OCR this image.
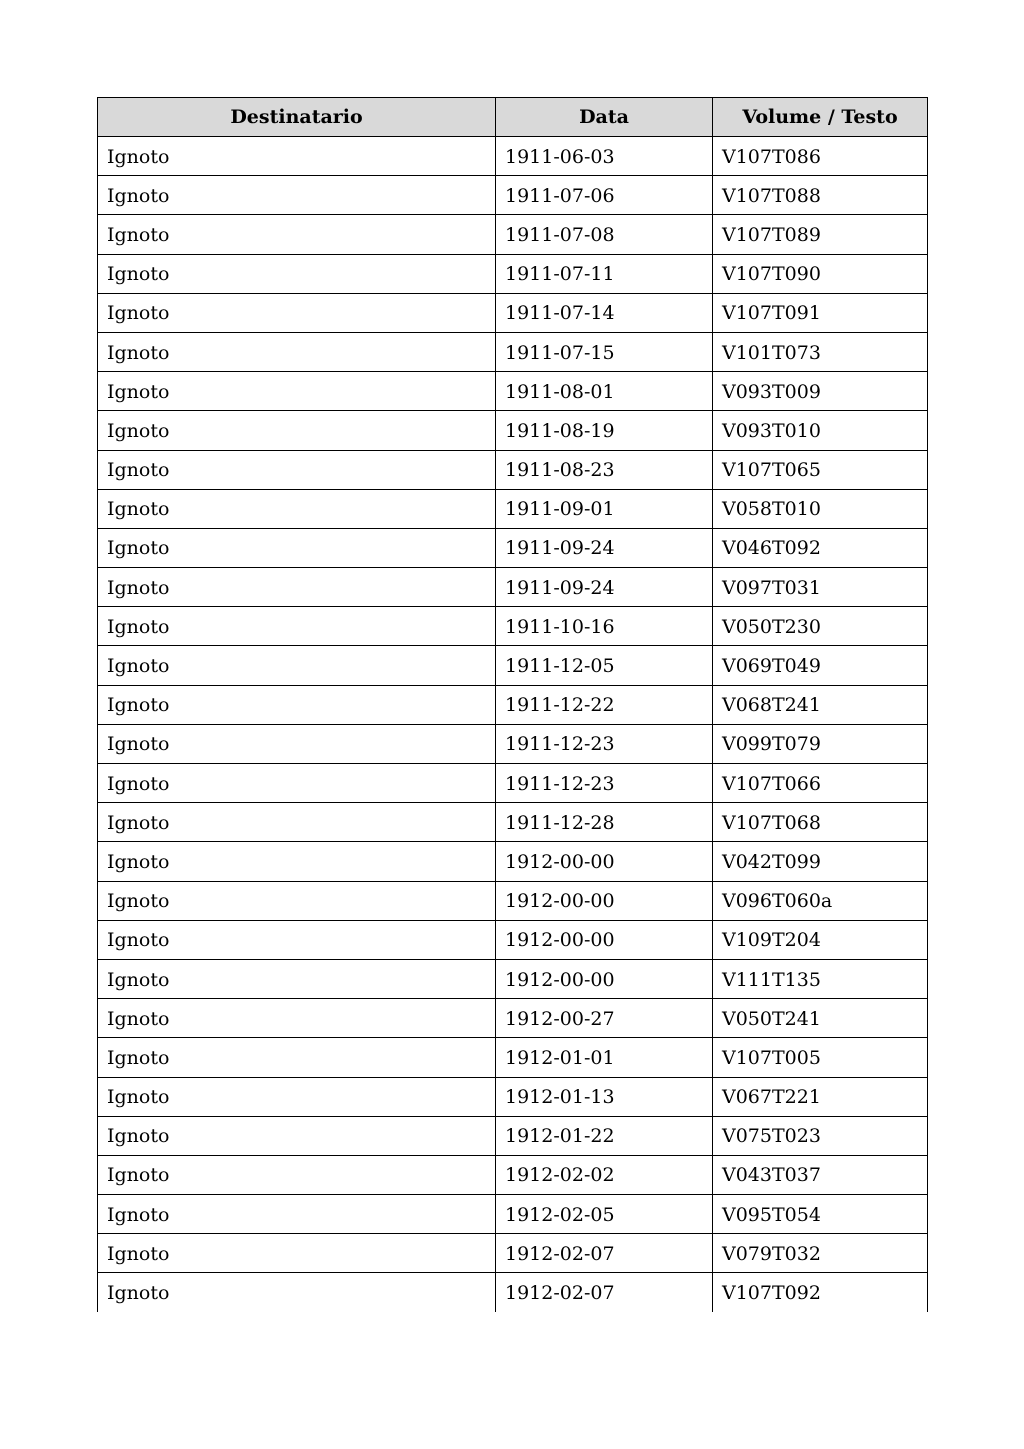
Destinatario	Data	Volume / Testo
Ignoto	1911-06-03	V107T086
Ignoto	1911-07-06	V107T088
Ignoto	1911-07-08	V107T089
Ignoto	1911-07-11	V107T090
Ignoto	1911-07-14	V107T091
Ignoto	1911-07-15	V101T073
Ignoto	1911-08-01	V093T009
Ignoto	1911-08-19	V093T010
Ignoto	1911-08-23	V107T065
Ignoto	1911-09-01	V058T010
Ignoto	1911-09-24	V046T092
Ignoto	1911-09-24	V097T031
Ignoto	1911-10-16	V050T230
Ignoto	1911-12-05	V069T049
Ignoto	1911-12-22	V068T241
Ignoto	1911-12-23	V099T079
Ignoto	1911-12-23	V107T066
Ignoto	1911-12-28	V107T068
Ignoto	1912-00-00	V042T099
Ignoto	1912-00-00	V096T060a
Ignoto	1912-00-00	V109T204
Ignoto	1912-00-00	V111T135
Ignoto	1912-00-27	V050T241
Ignoto	1912-01-01	V107T005
Ignoto	1912-01-13	V067T221
Ignoto	1912-01-22	V075T023
Ignoto	1912-02-02	V043T037
Ignoto	1912-02-05	V095T054
Ignoto	1912-02-07	V079T032
Ignoto	1912-02-07	V107T092
